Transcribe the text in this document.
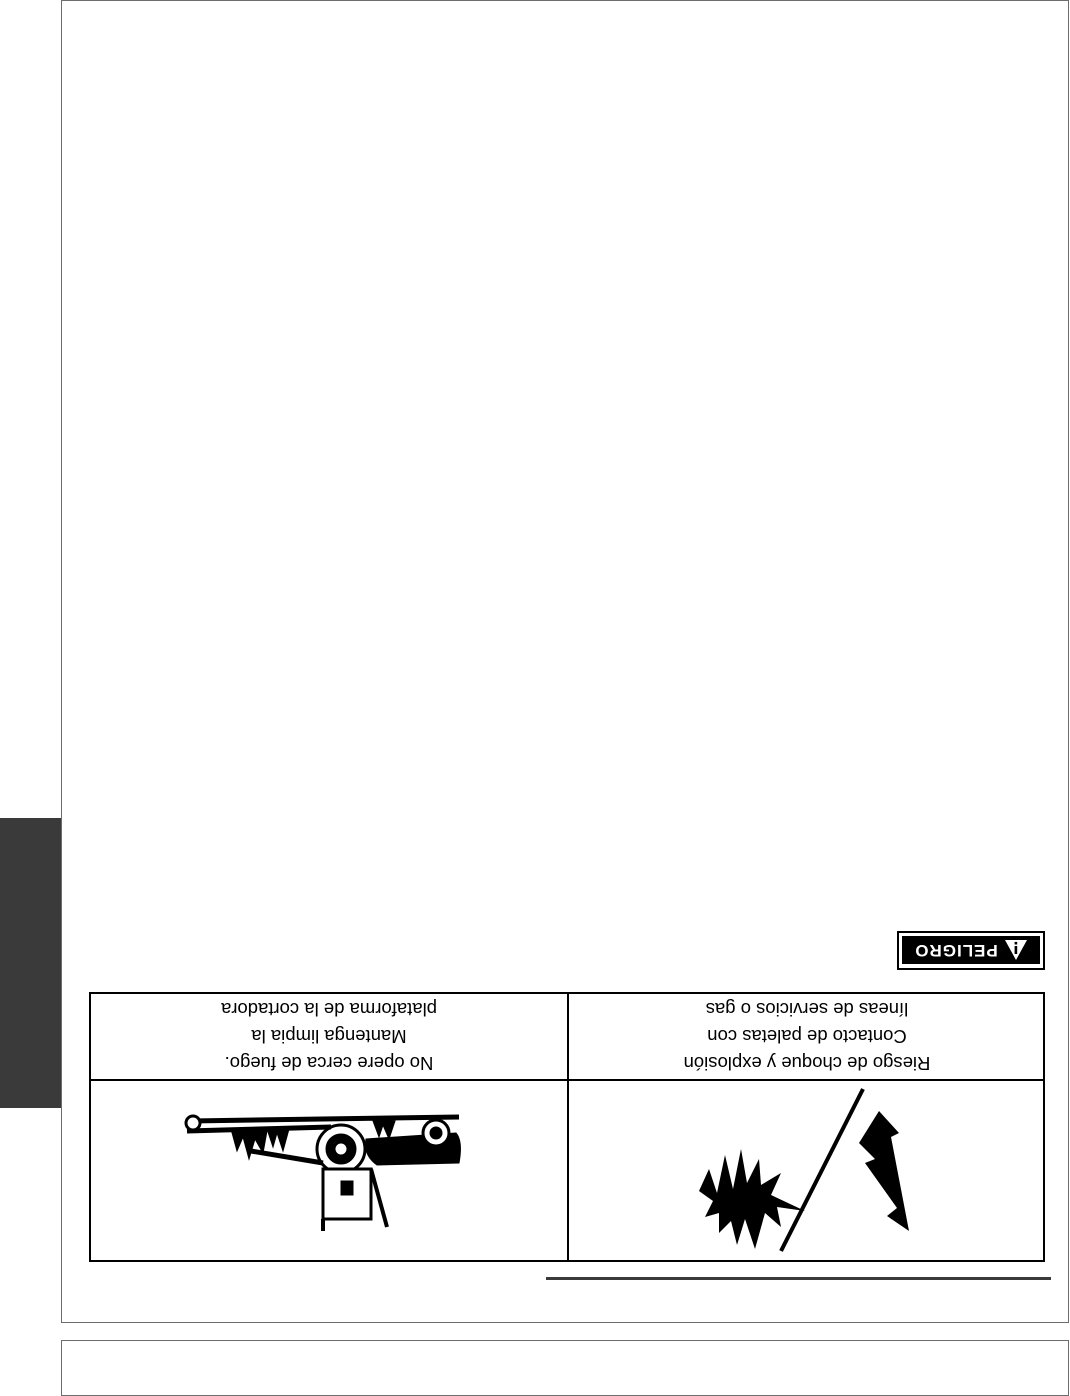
PELIGRO
No opere cerca de fuego.
Mantenga limpia la
plataforma de la cortadora
Riesgo de choque y explosión
Contacto de paletas con
líneas de servicios o gas
